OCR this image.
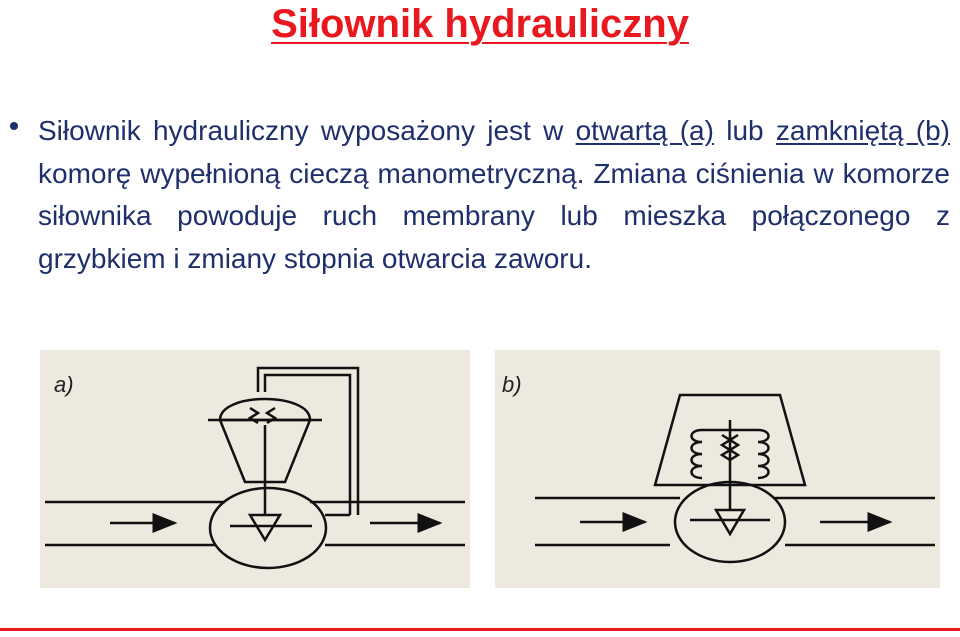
Siłownik hydrauliczny
Siłownik hydrauliczny wyposażony jest w otwartą (a) lub zamkniętą (b) komorę wypełnioną cieczą manometryczną. Zmiana ciśnienia w komorze siłownika powoduje ruch membrany lub mieszka połączonego z grzybkiem i zmiany stopnia otwarcia zaworu.
a)	b)
